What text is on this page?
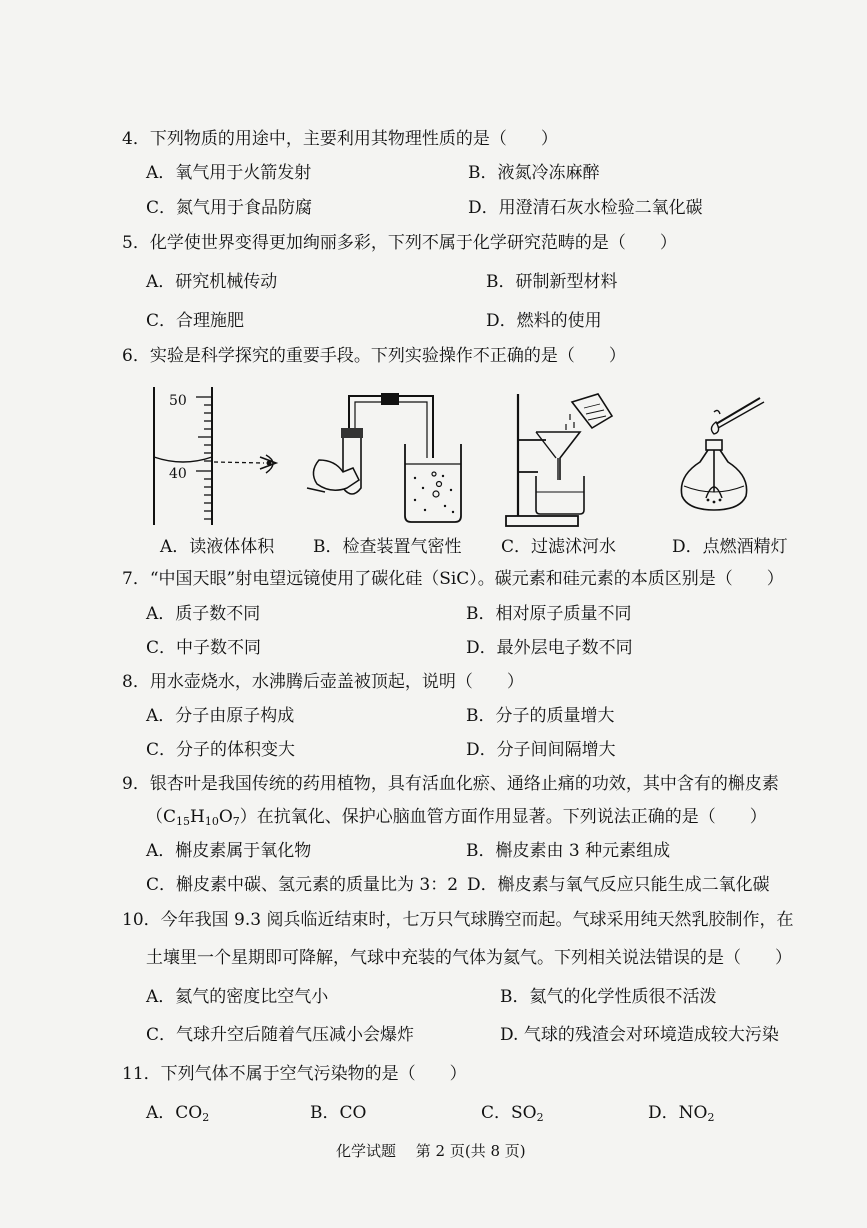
4．下列物质的用途中，主要利用其物理性质的是（　　）
A．氧气用于火箭发射	B．液氮冷冻麻醉
C．氮气用于食品防腐	D．用澄清石灰水检验二氧化碳
5．化学使世界变得更加绚丽多彩，下列不属于化学研究范畴的是（　　）
A．研究机械传动	B．研制新型材料
C．合理施肥	D．燃料的使用
6．实验是科学探究的重要手段。下列实验操作不正确的是（　　）
50
40
A．读液体体积 B．检查装置气密性 C．过滤沭河水	D．点燃酒精灯
7．“中国天眼”射电望远镜使用了碳化硅（SiC）。碳元素和硅元素的本质区别是（　　）
A．质子数不同	B．相对原子质量不同
C．中子数不同	D．最外层电子数不同
8．用水壶烧水，水沸腾后壶盖被顶起，说明（　　）
A．分子由原子构成	B．分子的质量增大
C．分子的体积变大	D．分子间间隔增大
9．银杏叶是我国传统的药用植物，具有活血化瘀、通络止痛的功效，其中含有的槲皮素
$(C_{15}H_{10}O_7)$在抗氧化、保护心脑血管方面作用显著。下列说法正确的是（　　）
A．槲皮素属于氧化物	B．槲皮素由 3 种元素组成
C．槲皮素中碳、氢元素的质量比为 3：2 D．槲皮素与氧气反应只能生成二氧化碳
10．今年我国 9.3 阅兵临近结束时，七万只气球腾空而起。气球采用纯天然乳胶制作，在
土壤里一个星期即可降解，气球中充装的气体为氦气。下列相关说法错误的是（　　）
A．氦气的密度比空气小	B．氦气的化学性质很不活泼
C．气球升空后随着气压减小会爆炸	D. 气球的残渣会对环境造成较大污染
11．下列气体不属于空气污染物的是（　　）
A．$CO_2$	B．CO	C．$SO_2$	D．$NO_2$
化学试题　 第 2 页(共 8 页)
